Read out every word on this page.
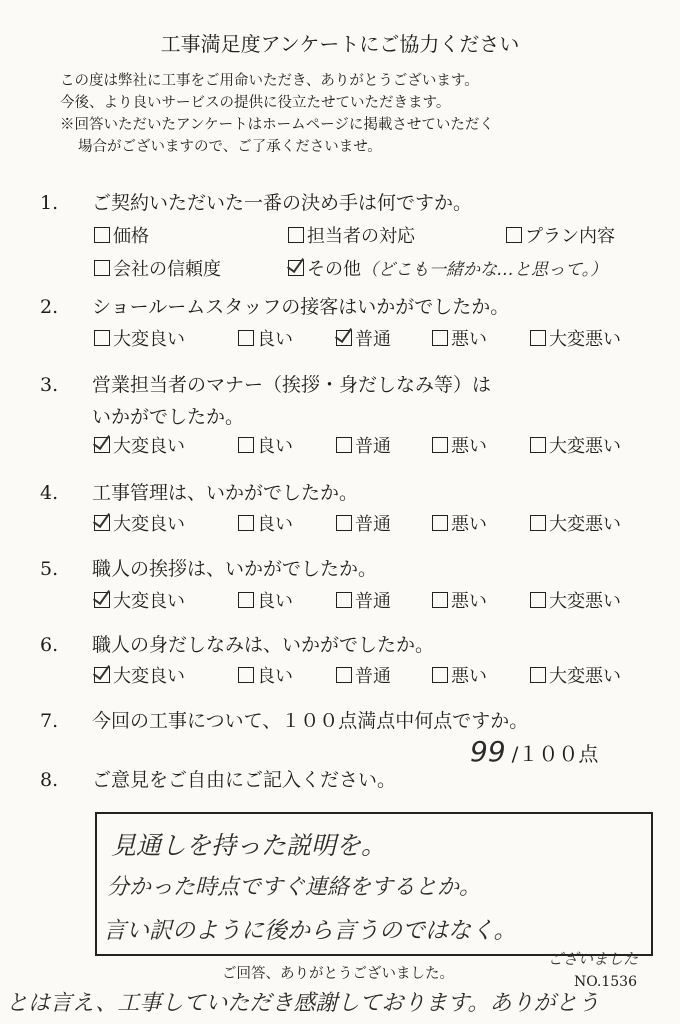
工事満足度アンケートにご協力ください
この度は弊社に工事をご用命いただき、ありがとうございます。
今後、より良いサービスの提供に役立たせていただきます。
※回答いただいたアンケートはホームページに掲載させていただく
場合がございますので、ご了承くださいませ。
1. ご契約いただいた一番の決め手は何ですか。
価格	担当者の対応	プラン内容
会社の信頼度	その他（どこも一緒かな…と思って。）
2. ショールームスタッフの接客はいかがでしたか。
大変良い	良い	普通	悪い	大変悪い
3. 営業担当者のマナー（挨拶・身だしなみ等）は
いかがでしたか。
大変良い	良い	普通	悪い	大変悪い
4. 工事管理は、いかがでしたか。
大変良い	良い	普通	悪い	大変悪い
5. 職人の挨拶は、いかがでしたか。
大変良い	良い	普通	悪い	大変悪い
6. 職人の身だしなみは、いかがでしたか。
大変良い	良い	普通	悪い	大変悪い
7. 今回の工事について、１００点満点中何点ですか。
99 /１００点
8. ご意見をご自由にご記入ください。
見通しを持った説明を。
分かった時点ですぐ連絡をするとか。
言い訳のように後から言うのではなく。
ご回答、ありがとうございました。
とは言え、工事していただき感謝しております。ありがとう
ございました
NO.1536
